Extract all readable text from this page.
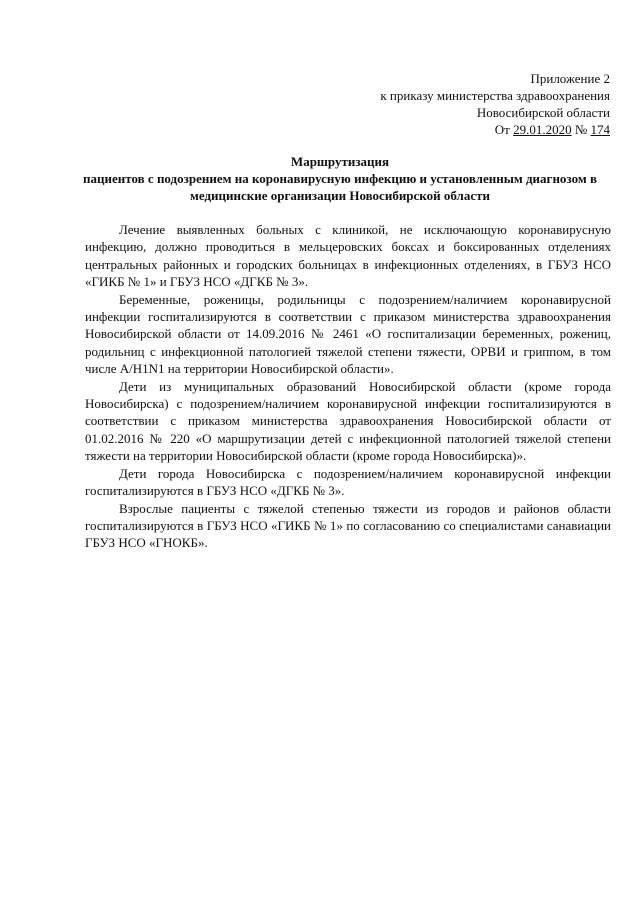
Приложение 2
к приказу министерства здравоохранения
Новосибирской области
От 29.01.2020 № 174
Маршрутизация
пациентов с подозрением на коронавирусную инфекцию и установленным диагнозом в медицинские организации Новосибирской области

Лечение выявленных больных с клиникой, не исключающую коронавирусную инфекцию, должно проводиться в мельцеровских боксах и боксированных отделениях центральных районных и городских больницах в инфекционных отделениях, в ГБУЗ НСО «ГИКБ № 1» и ГБУЗ НСО «ДГКБ № 3».

Беременные, роженицы, родильницы с подозрением/наличием коронавирусной инфекции госпитализируются в соответствии с приказом министерства здравоохранения Новосибирской области от 14.09.2016 № 2461 «О госпитализации беременных, рожениц, родильниц с инфекционной патологией тяжелой степени тяжести, ОРВИ и гриппом, в том числе A/H1N1 на территории Новосибирской области».

Дети из муниципальных образований Новосибирской области (кроме города Новосибирска) с подозрением/наличием коронавирусной инфекции госпитализируются в соответствии с приказом министерства здравоохранения Новосибирской области от 01.02.2016 № 220 «О маршрутизации детей с инфекционной патологией тяжелой степени тяжести на территории Новосибирской области (кроме города Новосибирска)».

Дети города Новосибирска с подозрением/наличием коронавирусной инфекции госпитализируются в ГБУЗ НСО «ДГКБ № 3».

Взрослые пациенты с тяжелой степенью тяжести из городов и районов области госпитализируются в ГБУЗ НСО «ГИКБ № 1» по согласованию со специалистами санавиации ГБУЗ НСО «ГНОКБ».
